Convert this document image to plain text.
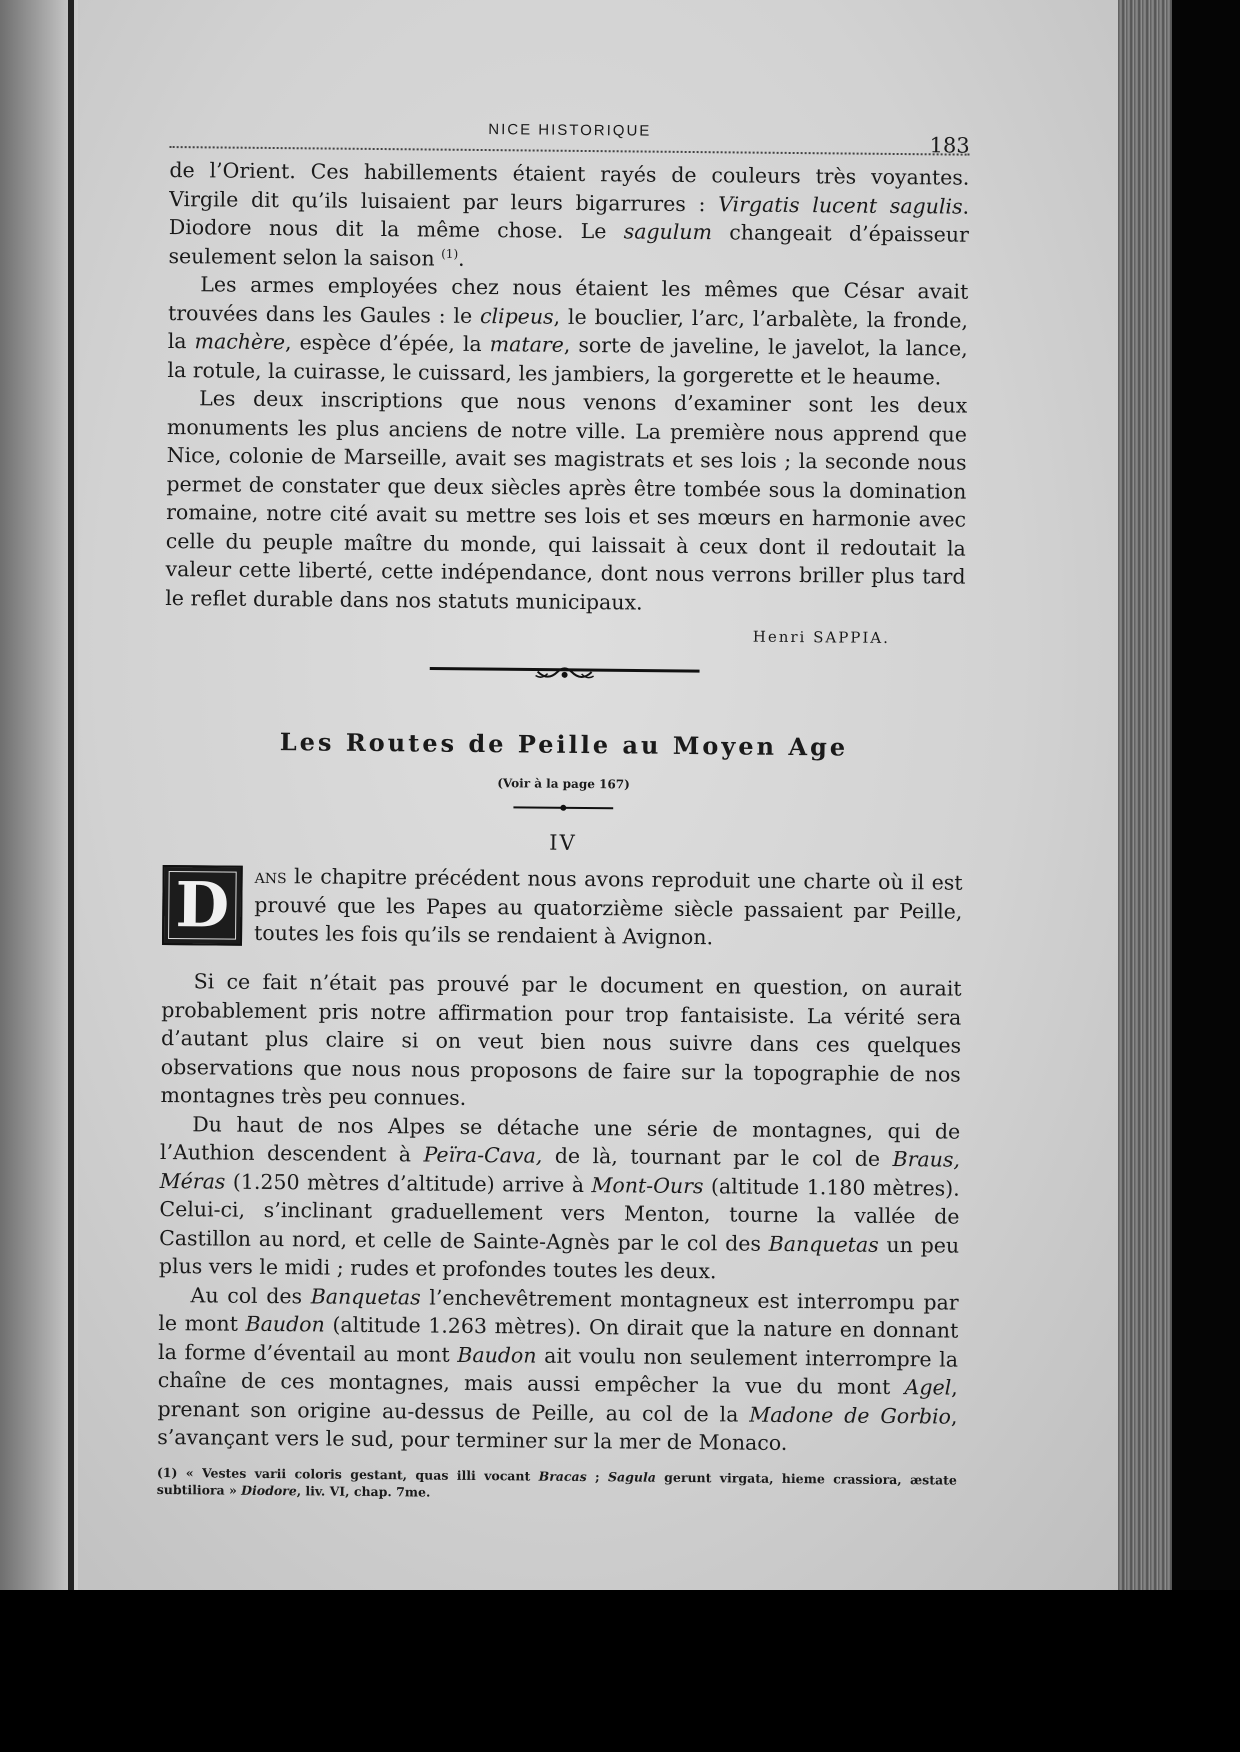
NICE HISTORIQUE
183

de l’Orient. Ces habillements étaient rayés de couleurs très voyantes. Virgile dit qu’ils luisaient par leurs bigarrures : Virgatis lucent sagulis. Diodore nous dit la même chose. Le sagulum changeait d’épaisseur seulement selon la saison $^{(1)}$.

Les armes employées chez nous étaient les mêmes que César avait trouvées dans les Gaules : le clipeus, le bouclier, l’arc, l’arbalète, la fronde, la machère, espèce d’épée, la matare, sorte de javeline, le javelot, la lance, la rotule, la cuirasse, le cuissard, les jambiers, la gorgerette et le heaume.

Les deux inscriptions que nous venons d’examiner sont les deux monuments les plus anciens de notre ville. La première nous apprend que Nice, colonie de Marseille, avait ses magistrats et ses lois ; la seconde nous permet de constater que deux siècles après être tombée sous la domination romaine, notre cité avait su mettre ses lois et ses mœurs en harmonie avec celle du peuple maître du monde, qui laissait à ceux dont il redoutait la valeur cette liberté, cette indépendance, dont nous verrons briller plus tard le reflet durable dans nos statuts municipaux.

Henri SAPPIA.
Les Routes de Peille au Moyen Age
(Voir à la page 167)
IV

D	ans le chapitre précédent nous avons reproduit une charte où il est prouvé que les Papes au quatorzième siècle passaient par Peille, toutes les fois qu’ils se rendaient à Avignon.

Si ce fait n’était pas prouvé par le document en question, on aurait probablement pris notre affirmation pour trop fantaisiste. La vérité sera d’autant plus claire si on veut bien nous suivre dans ces quelques observations que nous nous proposons de faire sur la topographie de nos montagnes très peu connues.

Du haut de nos Alpes se détache une série de montagnes, qui de l’Authion descendent à Peïra-Cava, de là, tournant par le col de Braus, Méras (1.250 mètres d’altitude) arrive à Mont-Ours (altitude 1.180 mètres). Celui-ci, s’inclinant graduellement vers Menton, tourne la vallée de Castillon au nord, et celle de Sainte-Agnès par le col des Banquetas un peu plus vers le midi ; rudes et profondes toutes les deux.

Au col des Banquetas l’enchevêtrement montagneux est interrompu par le mont Baudon (altitude 1.263 mètres). On dirait que la nature en donnant la forme d’éventail au mont Baudon ait voulu non seulement interrompre la chaîne de ces montagnes, mais aussi empêcher la vue du mont Agel, prenant son origine au-dessus de Peille, au col de la Madone de Gorbio, s’avançant vers le sud, pour terminer sur la mer de Monaco.

(1) « Vestes varii coloris gestant, quas illi vocant Bracas ; Sagula gerunt virgata, hieme crassiora, æstate subtiliora » Diodore, liv. VI, chap. 7me.
